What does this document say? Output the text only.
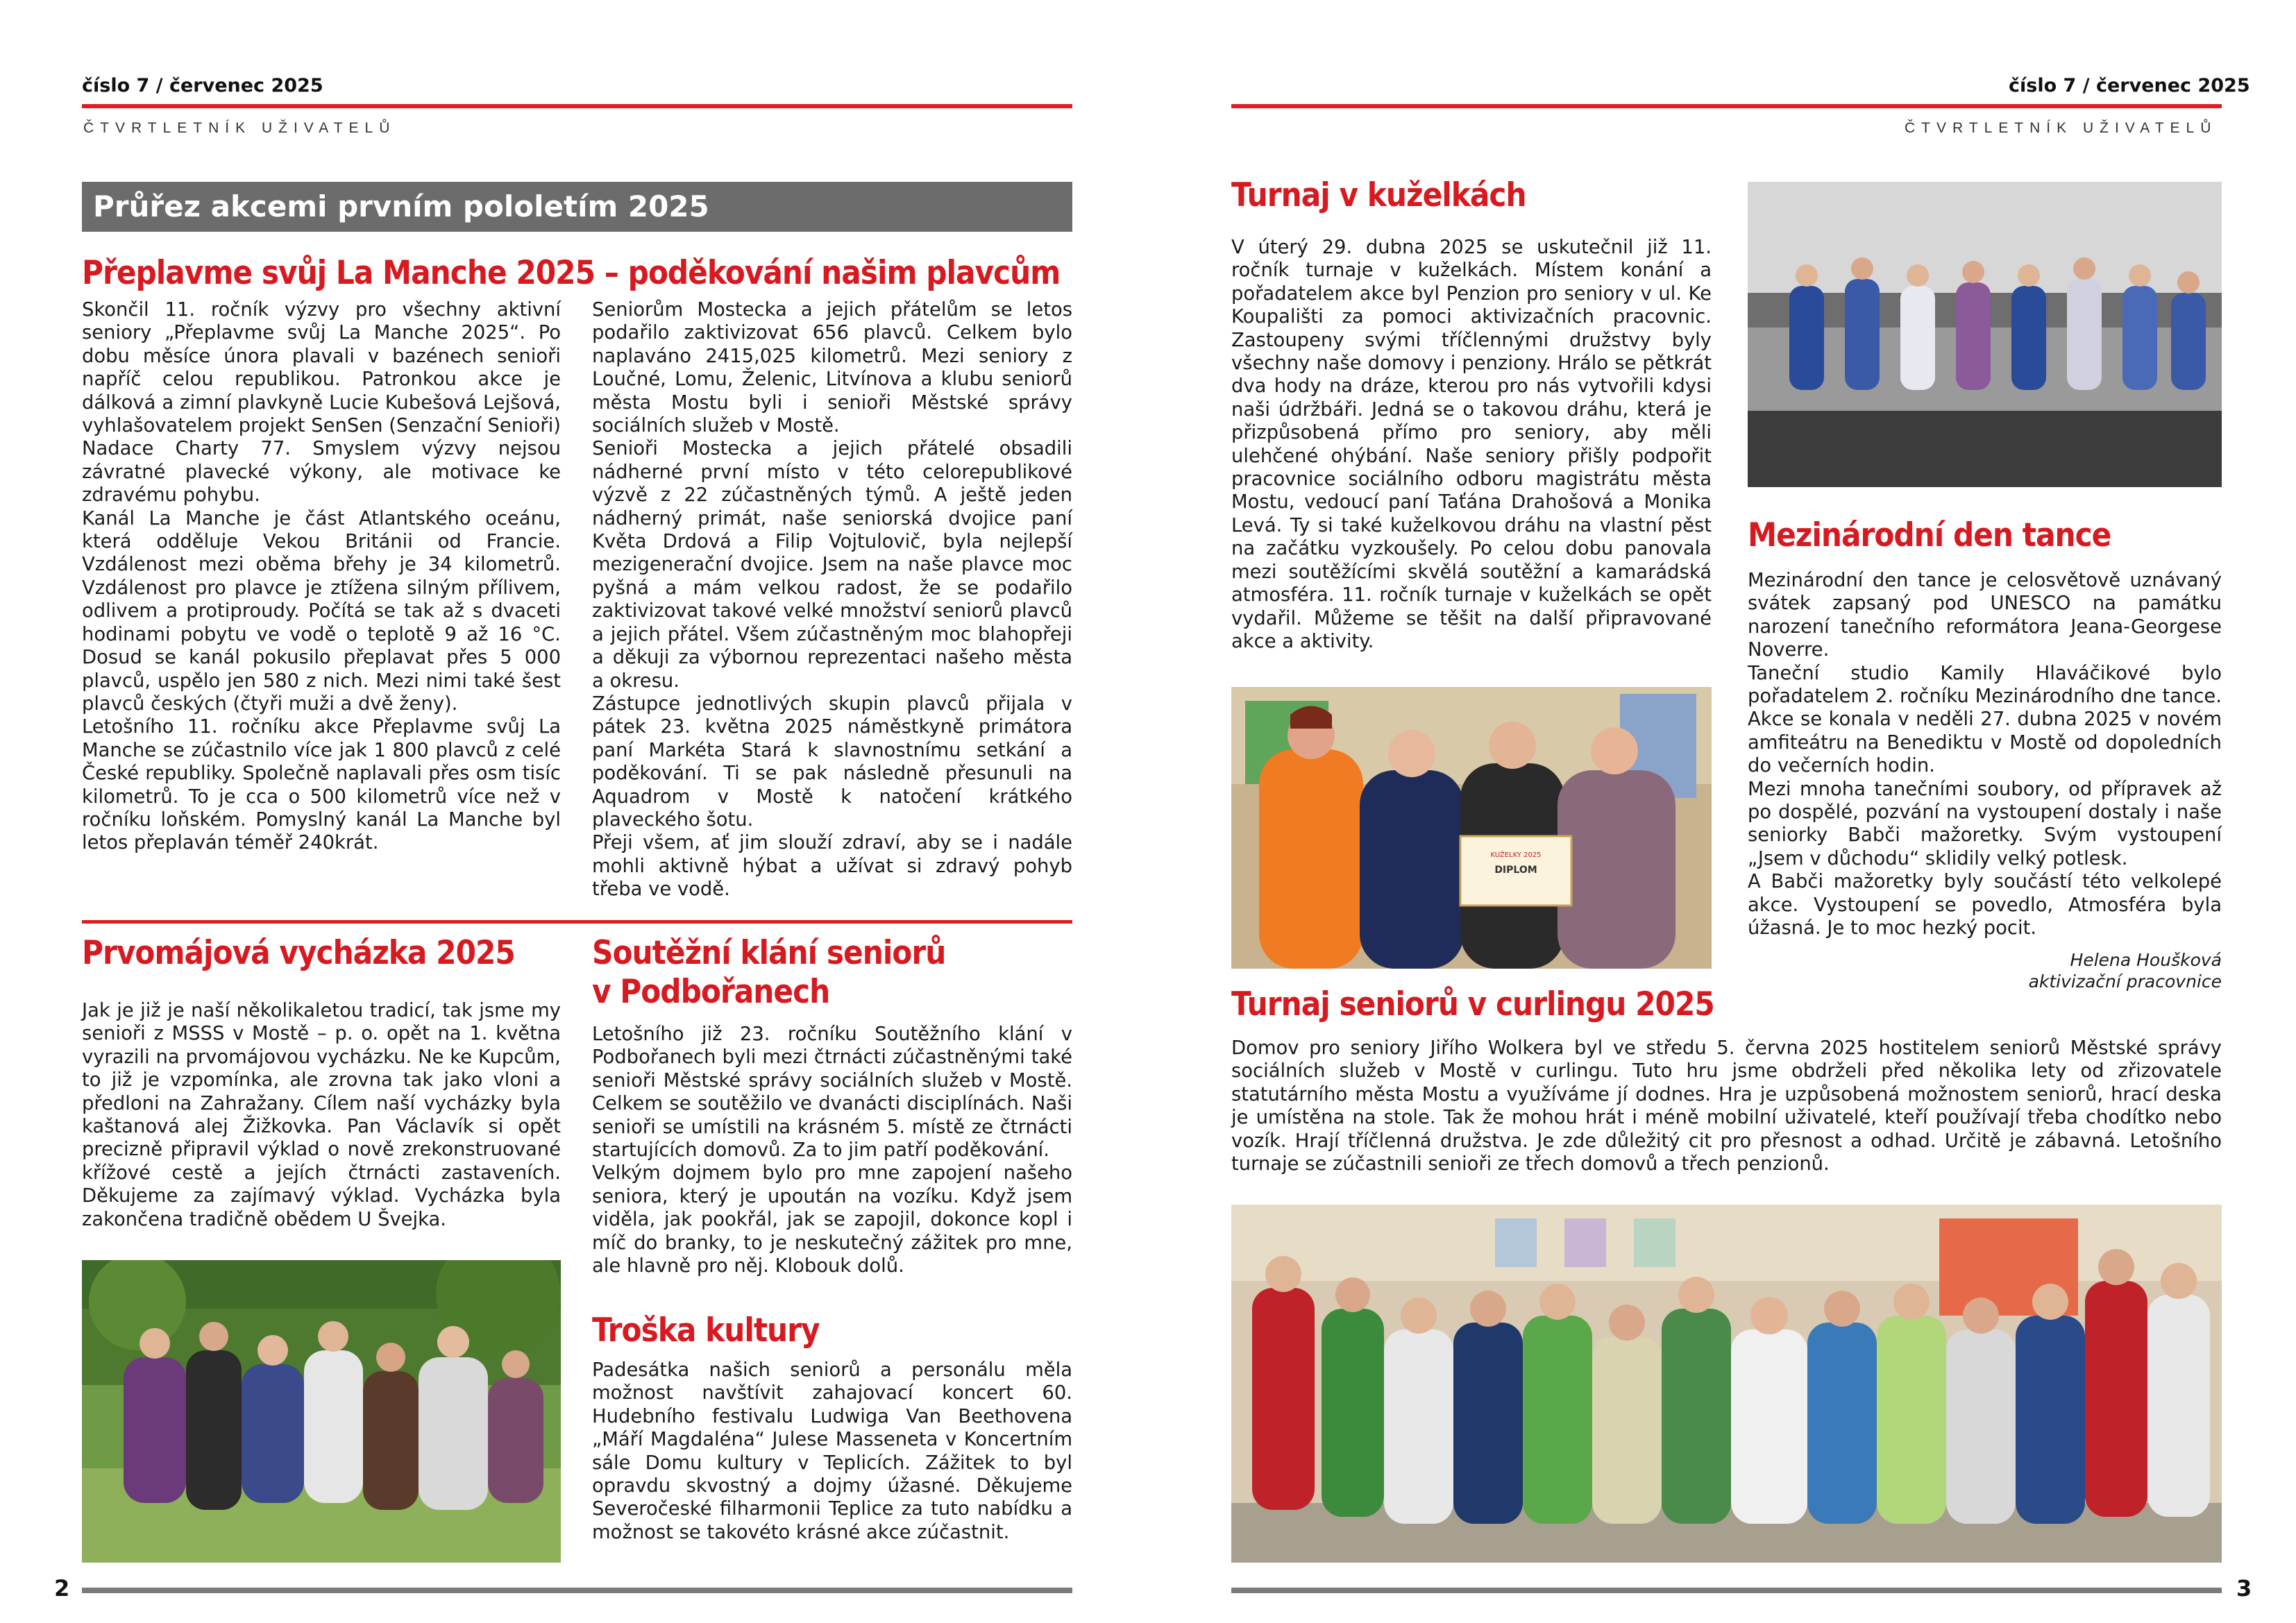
číslo 7 / červenec 2025
ČTVRTLETNÍK UŽIVATELŮ
Průřez akcemi prvním pololetím 2025
Přeplavme svůj La Manche 2025 – poděkování našim plavcům

Skončil 11. ročník výzvy pro všechny aktivní seniory „Přeplavme svůj La Manche 2025“. Po dobu měsíce února plavali v bazénech senioři napříč celou republikou. Patronkou akce je dálková a zimní plavkyně Lucie Kubešová Lejšová, vyhlašovatelem projekt SenSen (Senzační Senioři) Nadace Charty 77. Smyslem výzvy nejsou závratné plavecké výkony, ale motivace ke zdravému pohybu.

Kanál La Manche je část Atlantského oceánu, která odděluje Vekou Británii od Francie. Vzdálenost mezi oběma břehy je 34 kilometrů. Vzdálenost pro plavce je ztížena silným přílivem, odlivem a protiproudy. Počítá se tak až s dvaceti hodinami pobytu ve vodě o teplotě 9 až 16 °C. Dosud se kanál pokusilo přeplavat přes 5 000 plavců, uspělo jen 580 z nich. Mezi nimi také šest plavců českých (čtyři muži a dvě ženy).

Letošního 11. ročníku akce Přeplavme svůj La Manche se zúčastnilo více jak 1 800 plavců z celé České republiky. Společně naplavali přes osm tisíc kilometrů. To je cca o 500 kilometrů více než v ročníku loňském. Pomyslný kanál La Manche byl letos přeplaván téměř 240krát.

Seniorům Mostecka a jejich přátelům se letos podařilo zaktivizovat 656 plavců. Celkem bylo naplaváno 2415,025 kilometrů. Mezi seniory z Loučné, Lomu, Želenic, Litvínova a klubu seniorů města Mostu byli i senioři Městské správy sociálních služeb v Mostě.

Senioři Mostecka a jejich přátelé obsadili nádherné první místo v této celorepublikové výzvě z 22 zúčastněných týmů. A ještě jeden nádherný primát, naše seniorská dvojice paní Květa Drdová a Filip Vojtulovič, byla nejlepší mezigenerační dvojice. Jsem na naše plavce moc pyšná a mám velkou radost, že se podařilo zaktivizovat takové velké množství seniorů plavců a jejich přátel. Všem zúčastněným moc blahopřeji a děkuji za výbornou reprezentaci našeho města a okresu.

Zástupce jednotlivých skupin plavců přijala v pátek 23. května 2025 náměstkyně primátora paní Markéta Stará k slavnostnímu setkání a poděkování. Ti se pak následně přesunuli na Aquadrom v Mostě k natočení krátkého plaveckého šotu.

Přeji všem, ať jim slouží zdraví, aby se i nadále mohli aktivně hýbat a užívat si zdravý pohyb třeba ve vodě.

Prvomájová vycházka 2025

Jak je již je naší několikaletou tradicí, tak jsme my senioři z MSSS v Mostě – p. o. opět na 1. května vyrazili na prvomájovou vycházku. Ne ke Kupcům, to již je vzpomínka, ale zrovna tak jako vloni a předloni na Zahražany. Cílem naší vycházky byla kaštanová alej Žižkovka. Pan Václavík si opět precizně připravil výklad o nově zrekonstruované křížové cestě a jejích čtrnácti zastaveních. Děkujeme za zajímavý výklad. Vycházka byla zakončena tradičně obědem U Švejka.

Soutěžní klání seniorů
v Podbořanech

Letošního již 23. ročníku Soutěžního klání v Podbořanech byli mezi čtrnácti zúčastněnými také senioři Městské správy sociálních služeb v Mostě. Celkem se soutěžilo ve dvanácti disciplínách. Naši senioři se umístili na krásném 5. místě ze čtrnácti startujících domovů. Za to jim patří poděkování.

Velkým dojmem bylo pro mne zapojení našeho seniora, který je upoután na vozíku. Když jsem viděla, jak pookřál, jak se zapojil, dokonce kopl i míč do branky, to je neskutečný zážitek pro mne, ale hlavně pro něj. Klobouk dolů.

Troška kultury

Padesátka našich seniorů a personálu měla možnost navštívit zahajovací koncert 60. Hudebního festivalu Ludwiga Van Beethovena „Máří Magdaléna“ Julese Masseneta v Koncertním sále Domu kultury v Teplicích. Zážitek to byl opravdu skvostný a dojmy úžasné. Děkujeme Severočeské filharmonii Teplice za tuto nabídku a možnost se takovéto krásné akce zúčastnit.

2
číslo 7 / červenec 2025
ČTVRTLETNÍK UŽIVATELŮ
Turnaj v kuželkách

V úterý 29. dubna 2025 se uskutečnil již 11. ročník turnaje v kuželkách. Místem konání a pořadatelem akce byl Penzion pro seniory v ul. Ke Koupališti za pomoci aktivizačních pracovnic. Zastoupeny svými tříčlennými družstvy byly všechny naše domovy i penziony. Hrálo se pětkrát dva hody na dráze, kterou pro nás vytvořili kdysi naši údržbáři. Jedná se o takovou dráhu, která je přizpůsobená přímo pro seniory, aby měli ulehčené ohýbání. Naše seniory přišly podpořit pracovnice sociálního odboru magistrátu města Mostu, vedoucí paní Taťána Drahošová a Monika Levá. Ty si také kuželkovou dráhu na vlastní pěst na začátku vyzkoušely. Po celou dobu panovala mezi soutěžícími skvělá soutěžní a kamarádská atmosféra. 11. ročník turnaje v kuželkách se opět vydařil. Můžeme se těšit na další připravované akce a aktivity.

KUŽELKY 2025
DIPLOM
Mezinárodní den tance

Mezinárodní den tance je celosvětově uznávaný svátek zapsaný pod UNESCO na památku narození tanečního reformátora Jeana-Georgese Noverre.

Taneční studio Kamily Hlaváčikové bylo pořadatelem 2. ročníku Mezinárodního dne tance. Akce se konala v neděli 27. dubna 2025 v novém amfiteátru na Benediktu v Mostě od dopoledních do večerních hodin.

Mezi mnoha tanečními soubory, od přípravek až po dospělé, pozvání na vystoupení dostaly i naše seniorky Babči mažoretky. Svým vystoupení „Jsem v důchodu“ sklidily velký potlesk.

A Babči mažoretky byly součástí této velkolepé akce. Vystoupení se povedlo, Atmosféra byla úžasná. Je to moc hezký pocit.

Helena Houšková
aktivizační pracovnice
Turnaj seniorů v curlingu 2025

Domov pro seniory Jiřího Wolkera byl ve středu 5. června 2025 hostitelem seniorů Městské správy sociálních služeb v Mostě v curlingu. Tuto hru jsme obdrželi před několika lety od zřizovatele statutárního města Mostu a využíváme jí dodnes. Hra je uzpůsobená možnostem seniorů, hrací deska je umístěna na stole. Tak že mohou hrát i méně mobilní uživatelé, kteří používají třeba chodítko nebo vozík. Hrají tříčlenná družstva. Je zde důležitý cit pro přesnost a odhad. Určitě je zábavná. Letošního turnaje se zúčastnili senioři ze třech domovů a třech penzionů.

3
